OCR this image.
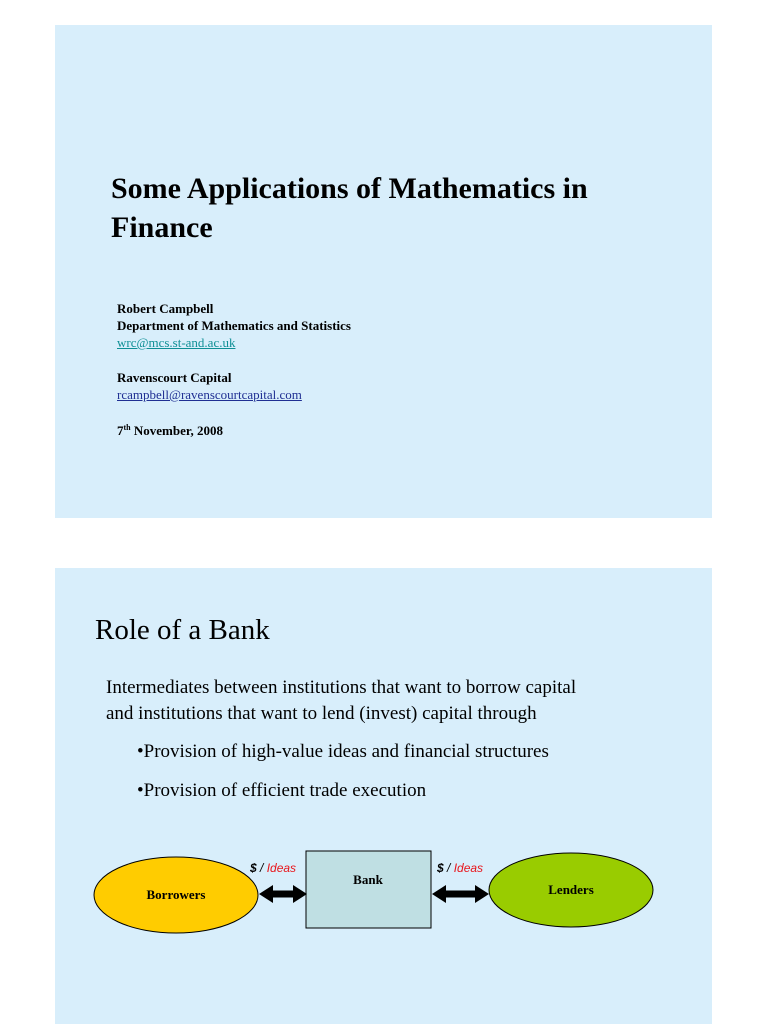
Some Applications of Mathematics in Finance
Robert Campbell
Department of Mathematics and Statistics
wrc@mcs.st-and.ac.uk
Ravenscourt Capital
rcampbell@ravenscourtcapital.com
7th November, 2008
Role of a Bank
Intermediates between institutions that want to borrow capital
and institutions that want to lend (invest) capital through
•Provision of high-value ideas and financial structures
•Provision of efficient trade execution
Borrowers
Bank
Lenders
$ / Ideas	$ / Ideas
